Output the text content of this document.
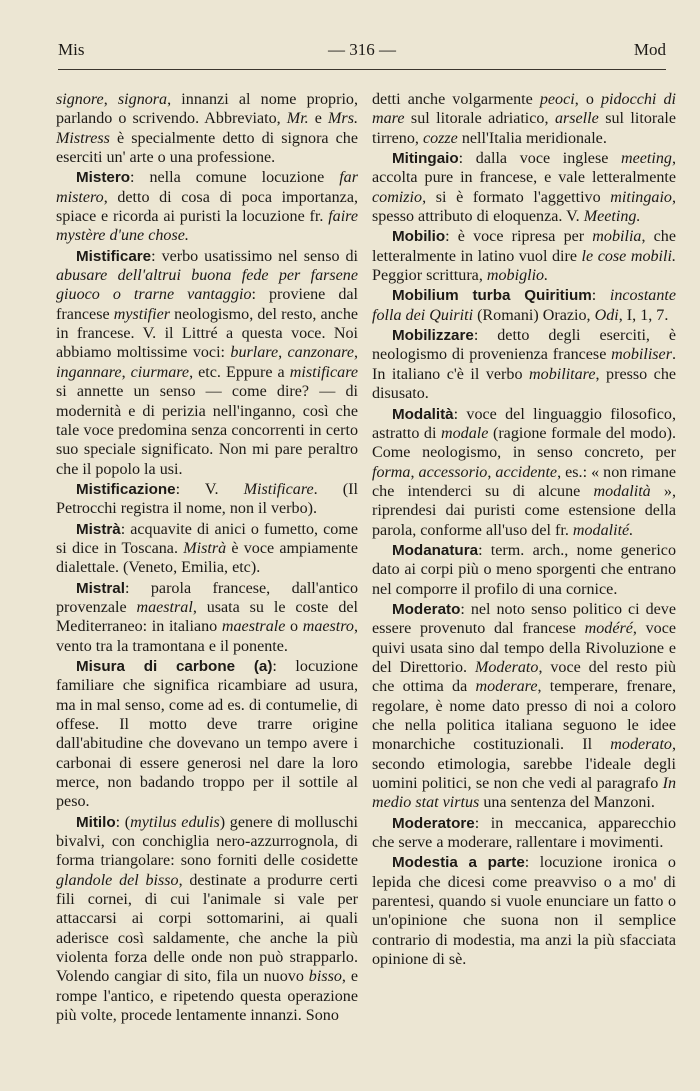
Mis	— 316 —	Mod

signore, signora, innanzi al nome proprio, parlando o scrivendo. Abbreviato, Mr. e Mrs. Mistress è specialmente detto di signora che eserciti un' arte o una professione.

Mistero: nella comune locuzione far mistero, detto di cosa di poca importanza, spiace e ricorda ai puristi la locuzione fr. faire mystère d'une chose.

Mistificare: verbo usatissimo nel senso di abusare dell'altrui buona fede per farsene giuoco o trarne vantaggio: proviene dal francese mystifier neologismo, del resto, anche in francese. V. il Littré a questa voce. Noi abbiamo moltissime voci: burlare, canzonare, ingannare, ciurmare, etc. Eppure a mistificare si annette un senso — come dire? — di modernità e di perizia nell'inganno, così che tale voce predomina senza concorrenti in certo suo speciale significato. Non mi pare peraltro che il popolo la usi.

Mistificazione: V. Mistificare. (Il Petrocchi registra il nome, non il verbo).

Mistrà: acquavite di anici o fumetto, come si dice in Toscana. Mistrà è voce ampiamente dialettale. (Veneto, Emilia, etc).

Mistral: parola francese, dall'antico provenzale maestral, usata su le coste del Mediterraneo: in italiano maestrale o maestro, vento tra la tramontana e il ponente.

Misura di carbone (a): locuzione familiare che significa ricambiare ad usura, ma in mal senso, come ad es. di contumelie, di offese. Il motto deve trarre origine dall'abitudine che dovevano un tempo avere i carbonai di essere generosi nel dare la loro merce, non badando troppo per il sottile al peso.

Mitilo: (mytilus edulis) genere di molluschi bivalvi, con conchiglia nero-azzurrognola, di forma triangolare: sono forniti delle cosidette glandole del bisso, destinate a produrre certi fili cornei, di cui l'animale si vale per attaccarsi ai corpi sottomarini, ai quali aderisce così saldamente, che anche la più violenta forza delle onde non può strapparlo. Volendo cangiar di sito, fila un nuovo bisso, e rompe l'antico, e ripetendo questa operazione più volte, procede lentamente innanzi. Sono

detti anche volgarmente peoci, o pidocchi di mare sul litorale adriatico, arselle sul litorale tirreno, cozze nell'Italia meridionale.

Mitingaio: dalla voce inglese meeting, accolta pure in francese, e vale letteralmente comizio, si è formato l'aggettivo mitingaio, spesso attributo di eloquenza. V. Meeting.

Mobilio: è voce ripresa per mobilia, che letteralmente in latino vuol dire le cose mobili. Peggior scrittura, mobiglio.

Mobilium turba Quiritium: incostante folla dei Quiriti (Romani) Orazio, Odi, I, 1, 7.

Mobilizzare: detto degli eserciti, è neologismo di provenienza francese mobiliser. In italiano c'è il verbo mobilitare, presso che disusato.

Modalità: voce del linguaggio filosofico, astratto di modale (ragione formale del modo). Come neologismo, in senso concreto, per forma, accessorio, accidente, es.: « non rimane che intenderci su di alcune modalità », riprendesi dai puristi come estensione della parola, conforme all'uso del fr. modalité.

Modanatura: term. arch., nome generico dato ai corpi più o meno sporgenti che entrano nel comporre il profilo di una cornice.

Moderato: nel noto senso politico ci deve essere provenuto dal francese modéré, voce quivi usata sino dal tempo della Rivoluzione e del Direttorio. Moderato, voce del resto più che ottima da moderare, temperare, frenare, regolare, è nome dato presso di noi a coloro che nella politica italiana seguono le idee monarchiche costituzionali. Il moderato, secondo etimologia, sarebbe l'ideale degli uomini politici, se non che vedi al paragrafo In medio stat virtus una sentenza del Manzoni.

Moderatore: in meccanica, apparecchio che serve a moderare, rallentare i movimenti.

Modestia a parte: locuzione ironica o lepida che dicesi come preavviso o a mo' di parentesi, quando si vuole enunciare un fatto o un'opinione che suona non il semplice contrario di modestia, ma anzi la più sfacciata opinione di sè.
